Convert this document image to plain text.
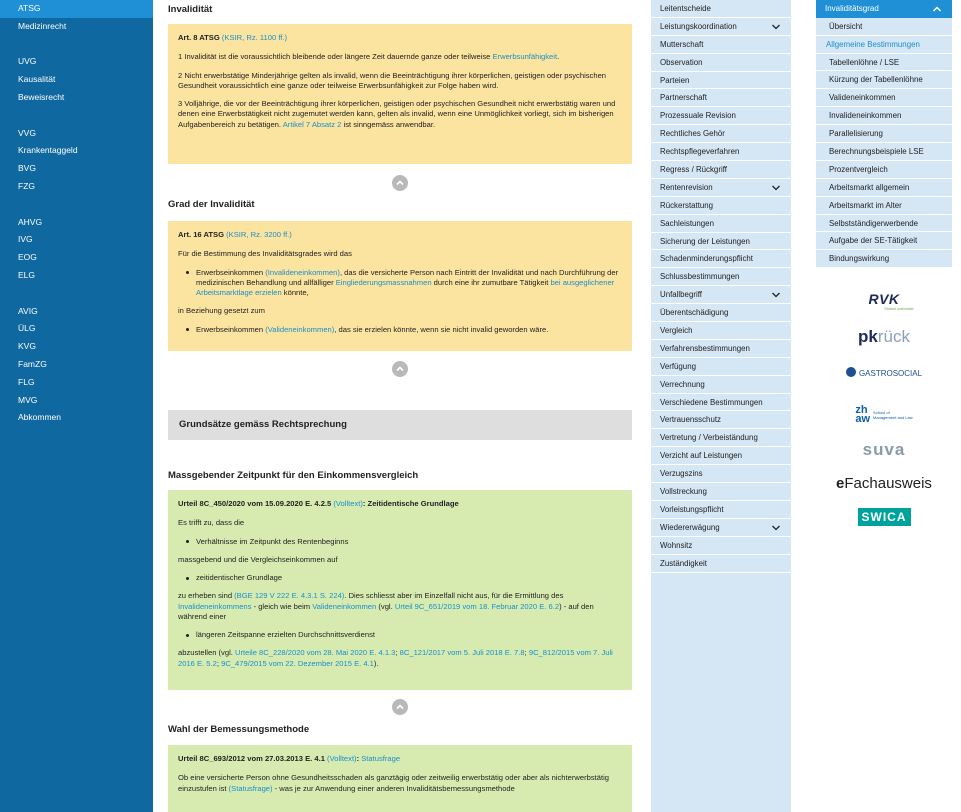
ATSG
Medizinrecht
UVG
Kausalität
Beweisrecht
VVG
Krankentaggeld
BVG
FZG
AHVG
IVG
EOG
ELG
AVIG
ÜLG
KVG
FamZG
FLG
MVG
Abkommen
Invalidität
Art. 8 ATSG (KSIR, Rz. 1100 ff.)

1 Invalidität ist die voraussichtlich bleibende oder längere Zeit dauernde ganze oder teilweise Erwerbsunfähigkeit.

2 Nicht erwerbstätige Minderjährige gelten als invalid, wenn die Beeinträchtigung ihrer körperlichen, geistigen oder psychischen Gesundheit voraussichtlich eine ganze oder teilweise Erwerbsunfähigkeit zur Folge haben wird.

3 Volljährige, die vor der Beeinträchtigung ihrer körperlichen, geistigen oder psychischen Gesundheit nicht erwerbstätig waren und denen eine Erwerbstätigkeit nicht zugemutet werden kann, gelten als invalid, wenn eine Unmöglichkeit vorliegt, sich im bisherigen Aufgabenbereich zu betätigen. Artikel 7 Absatz 2 ist sinngemäss anwendbar.

Grad der Invalidität
Art. 16 ATSG (KSIR, Rz. 3200 ff.)

Für die Bestimmung des Invaliditätsgrades wird das

Erwerbseinkommen (Invalideneinkommen), das die versicherte Person nach Eintritt der Invalidität und nach Durchführung der medizinischen Behandlung und allfälliger Eingliederungsmassnahmen durch eine ihr zumutbare Tätigkeit bei ausgeglichener Arbeitsmarktlage erzielen könnte,

in Beziehung gesetzt zum

Erwerbseinkommen (Valideneinkommen), das sie erzielen könnte, wenn sie nicht invalid geworden wäre.
Grundsätze gemäss Rechtsprechung
Massgebender Zeitpunkt für den Einkommensvergleich
Urteil 8C_450/2020 vom 15.09.2020 E. 4.2.5 (Volltext): Zeitidentische Grundlage

Es trifft zu, dass die

Verhältnisse im Zeitpunkt des Rentenbeginns

massgebend und die Vergleichseinkommen auf

zeitidentischer Grundlage

zu erheben sind (BGE 129 V 222 E. 4.3.1 S. 224). Dies schliesst aber im Einzelfall nicht aus, für die Ermittlung des Invalideneinkommens - gleich wie beim Valideneinkommen (vgl. Urteil 9C_651/2019 vom 18. Februar 2020 E. 6.2) - auf den während einer

längeren Zeitspanne erzielten Durchschnittsverdienst

abzustellen (vgl. Urteile 8C_228/2020 vom 28. Mai 2020 E. 4.1.3; 8C_121/2017 vom 5. Juli 2018 E. 7.8; 9C_812/2015 vom 7. Juli 2016 E. 5.2; 9C_479/2015 vom 22. Dezember 2015 E. 4.1).

Wahl der Bemessungsmethode
Urteil 8C_693/2012 vom 27.03.2013 E. 4.1 (Volltext): Statusfrage

Ob eine versicherte Person ohne Gesundheitsschaden als ganztägig oder zeitweilig erwerbstätig oder aber als nichterwerbstätig einzustufen ist (Statusfrage) - was je zur Anwendung einer anderen Invaliditätsbemessungsmethode

Leitentscheide
Leistungskoordination
Mutterschaft
Observation
Parteien
Partnerschaft
Prozessuale Revision
Rechtliches Gehör
Rechtspflegeverfahren
Regress / Rückgriff
Rentenrevision
Rückerstattung
Sachleistungen
Sicherung der Leistungen
Schadenminderungspflicht
Schlussbestimmungen
Unfallbegriff
Überentschädigung
Vergleich
Verfahrensbestimmungen
Verfügung
Verrechnung
Verschiedene Bestimmungen
Vertrauensschutz
Vertretung / Verbeiständung
Verzicht auf Leistungen
Verzugszins
Vollstreckung
Vorleistungspflicht
Wiedererwägung
Wohnsitz
Zuständigkeit
Invaliditätsgrad
Übersicht
Allgemeine Bestimmungen
Tabellenlöhne / LSE
Kürzung der Tabellenlöhne
Valideneinkommen
Invalideneinkommen
Parallelisierung
Berechnungsbeispiele LSE
Prozentvergleich
Arbeitsmarkt allgemein
Arbeitsmarkt im Alter
Selbstständigerwerbende
Aufgabe der SE-Tätigkeit
Bindungswirkung
RVK
Einfach unterstützt
pkrück
GASTROSOCIAL
zh
aw
School of
Management and Law
suva
eFachausweis
SWICA
